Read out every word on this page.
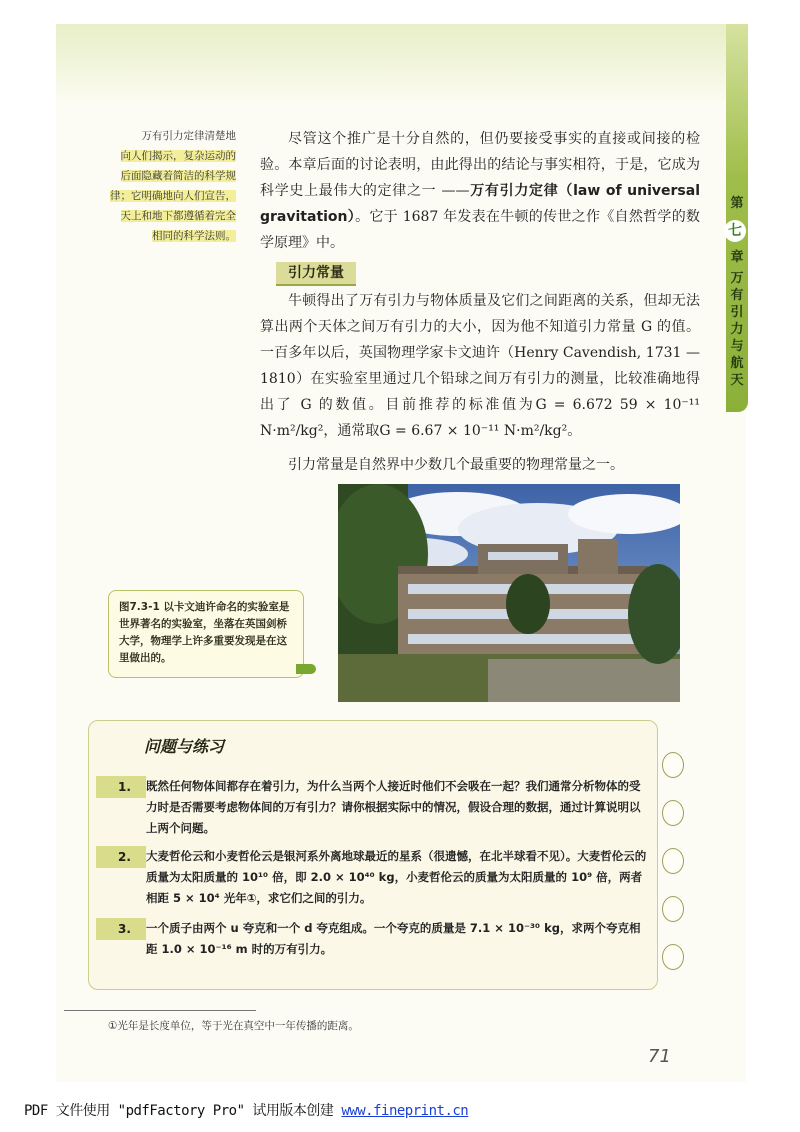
第
七
章
万有引力与航天
万有引力定律清楚地
向人们揭示，复杂运动的
后面隐藏着简洁的科学规
律；它明确地向人们宣告，
天上和地下都遵循着完全
相同的科学法则。
尽管这个推广是十分自然的，但仍要接受事实的直接或间接的检验。本章后面的讨论表明，由此得出的结论与事实相符，于是，它成为科学史上最伟大的定律之一 ——万有引力定律（law of universal gravitation）。它于 1687 年发表在牛顿的传世之作《自然哲学的数学原理》中。
引力常量
牛顿得出了万有引力与物体质量及它们之间距离的关系，但却无法算出两个天体之间万有引力的大小，因为他不知道引力常量 G 的值。一百多年以后，英国物理学家卡文迪许（Henry Cavendish, 1731 — 1810）在实验室里通过几个铅球之间万有引力的测量，比较准确地得出了 G 的数值。目前推荐的标准值为G = 6.672 59 × 10⁻¹¹ N·m²/kg²，通常取G = 6.67 × 10⁻¹¹ N·m²/kg²。
引力常量是自然界中少数几个最重要的物理常量之一。
图7.3-1 以卡文迪许命名的实验室是世界著名的实验室，坐落在英国剑桥大学，物理学上许多重要发现是在这里做出的。
问题与练习
1. 既然任何物体间都存在着引力，为什么当两个人接近时他们不会吸在一起？我们通常分析物体的受力时是否需要考虑物体间的万有引力？请你根据实际中的情况，假设合理的数据，通过计算说明以上两个问题。
2. 大麦哲伦云和小麦哲伦云是银河系外离地球最近的星系（很遗憾，在北半球看不见）。大麦哲伦云的质量为太阳质量的 10¹⁰ 倍，即 2.0 × 10⁴⁰ kg，小麦哲伦云的质量为太阳质量的 10⁹ 倍，两者相距 5 × 10⁴ 光年①，求它们之间的引力。
3. 一个质子由两个 u 夸克和一个 d 夸克组成。一个夸克的质量是 7.1 × 10⁻³⁰ kg，求两个夸克相距 1.0 × 10⁻¹⁶ m 时的万有引力。
①光年是长度单位，等于光在真空中一年传播的距离。
71
PDF 文件使用 "pdfFactory Pro" 试用版本创建 www.fineprint.cn
